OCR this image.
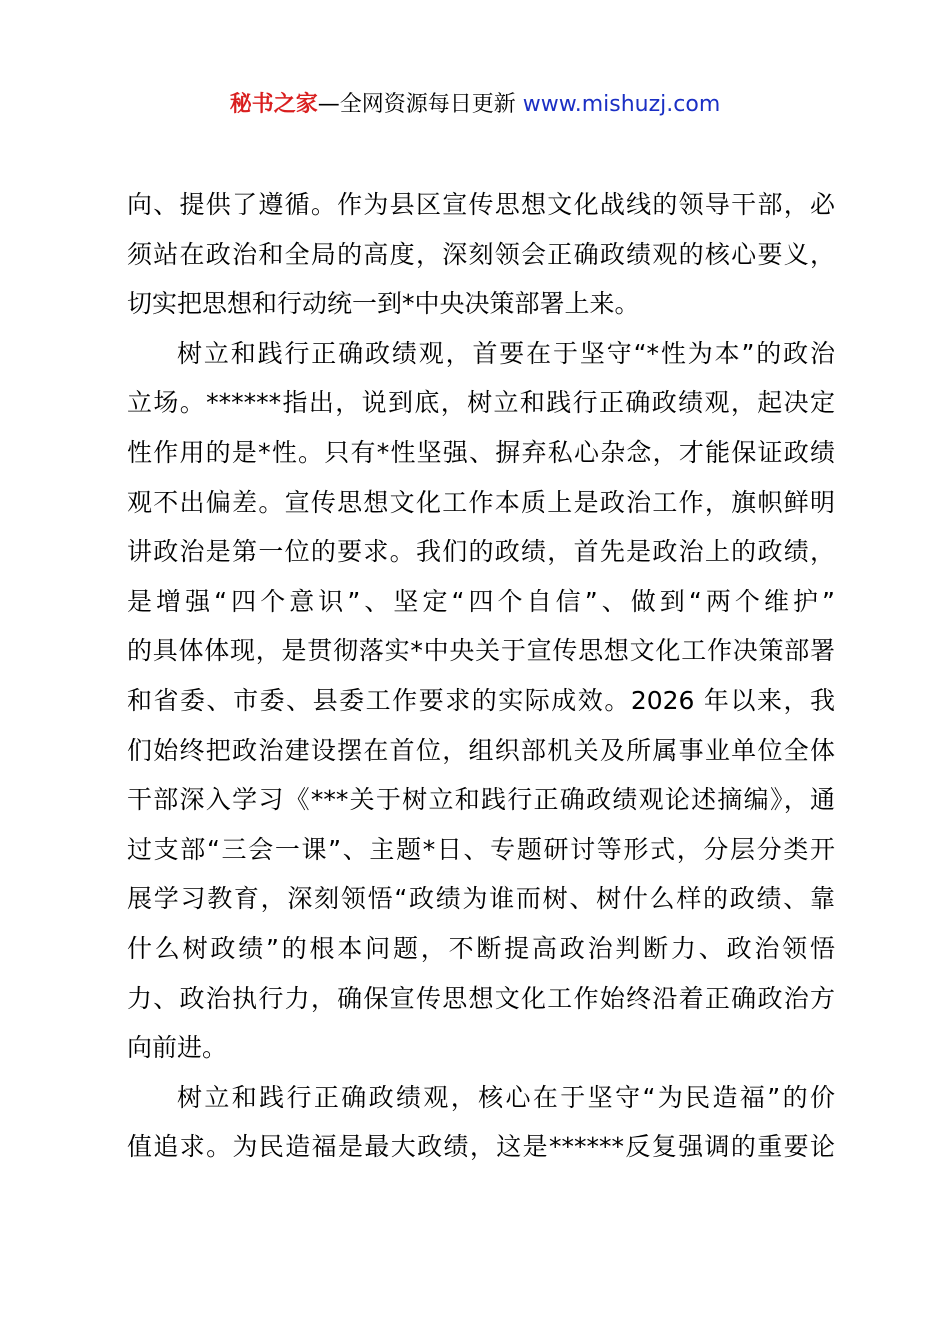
秘书之家—全网资源每日更新 www.mishuzj.com
向、提供了遵循。作为县区宣传思想文化战线的领导干部，必
须站在政治和全局的高度，深刻领会正确政绩观的核心要义，
切实把思想和行动统一到*中央决策部署上来。
树立和践行正确政绩观，首要在于坚守“*性为本”的政治
立场。******指出，说到底，树立和践行正确政绩观，起决定
性作用的是*性。只有*性坚强、摒弃私心杂念，才能保证政绩
观不出偏差。宣传思想文化工作本质上是政治工作，旗帜鲜明
讲政治是第一位的要求。我们的政绩，首先是政治上的政绩，
是增强“四个意识”、坚定“四个自信”、做到“两个维护”
的具体体现，是贯彻落实*中央关于宣传思想文化工作决策部署
和省委、市委、县委工作要求的实际成效。2026 年以来，我
们始终把政治建设摆在首位，组织部机关及所属事业单位全体
干部深入学习《***关于树立和践行正确政绩观论述摘编》，通
过支部“三会一课”、主题*日、专题研讨等形式，分层分类开
展学习教育，深刻领悟“政绩为谁而树、树什么样的政绩、靠
什么树政绩”的根本问题，不断提高政治判断力、政治领悟
力、政治执行力，确保宣传思想文化工作始终沿着正确政治方
向前进。
树立和践行正确政绩观，核心在于坚守“为民造福”的价
值追求。为民造福是最大政绩，这是******反复强调的重要论
